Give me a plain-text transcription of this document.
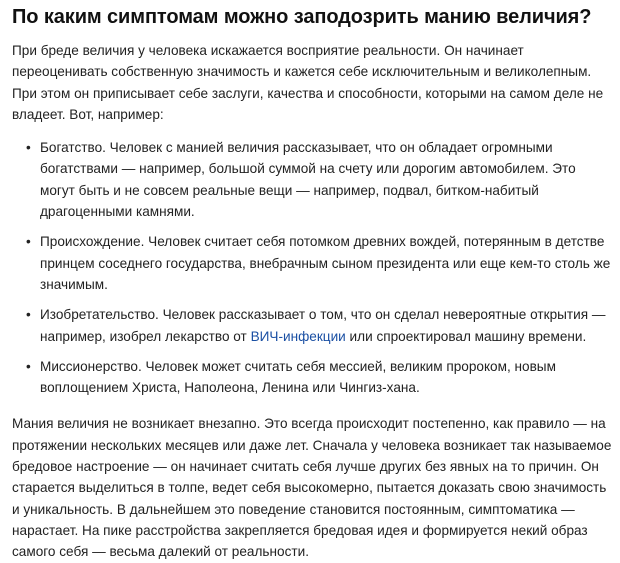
По каким симптомам можно заподозрить манию величия?

При бреде величия у человека искажается восприятие реальности. Он начинает переоценивать собственную значимость и кажется себе исключительным и великолепным. При этом он приписывает себе заслуги, качества и способности, которыми на самом деле не владеет. Вот, например:

• Богатство. Человек с манией величия рассказывает, что он обладает огромными богатствами — например, большой суммой на счету или дорогим автомобилем. Это могут быть и не совсем реальные вещи — например, подвал, битком-набитый драгоценными камнями.
• Происхождение. Человек считает себя потомком древних вождей, потерянным в детстве принцем соседнего государства, внебрачным сыном президента или еще кем-то столь же значимым.
• Изобретательство. Человек рассказывает о том, что он сделал невероятные открытия — например, изобрел лекарство от ВИЧ-инфекции или спроектировал машину времени.
• Миссионерство. Человек может считать себя мессией, великим пророком, новым воплощением Христа, Наполеона, Ленина или Чингиз-хана.

Мания величия не возникает внезапно. Это всегда происходит постепенно, как правило — на протяжении нескольких месяцев или даже лет. Сначала у человека возникает так называемое бредовое настроение — он начинает считать себя лучше других без явных на то причин. Он старается выделиться в толпе, ведет себя высокомерно, пытается доказать свою значимость и уникальность. В дальнейшем это поведение становится постоянным, симптоматика — нарастает. На пике расстройства закрепляется бредовая идея и формируется некий образ самого себя — весьма далекий от реальности.
